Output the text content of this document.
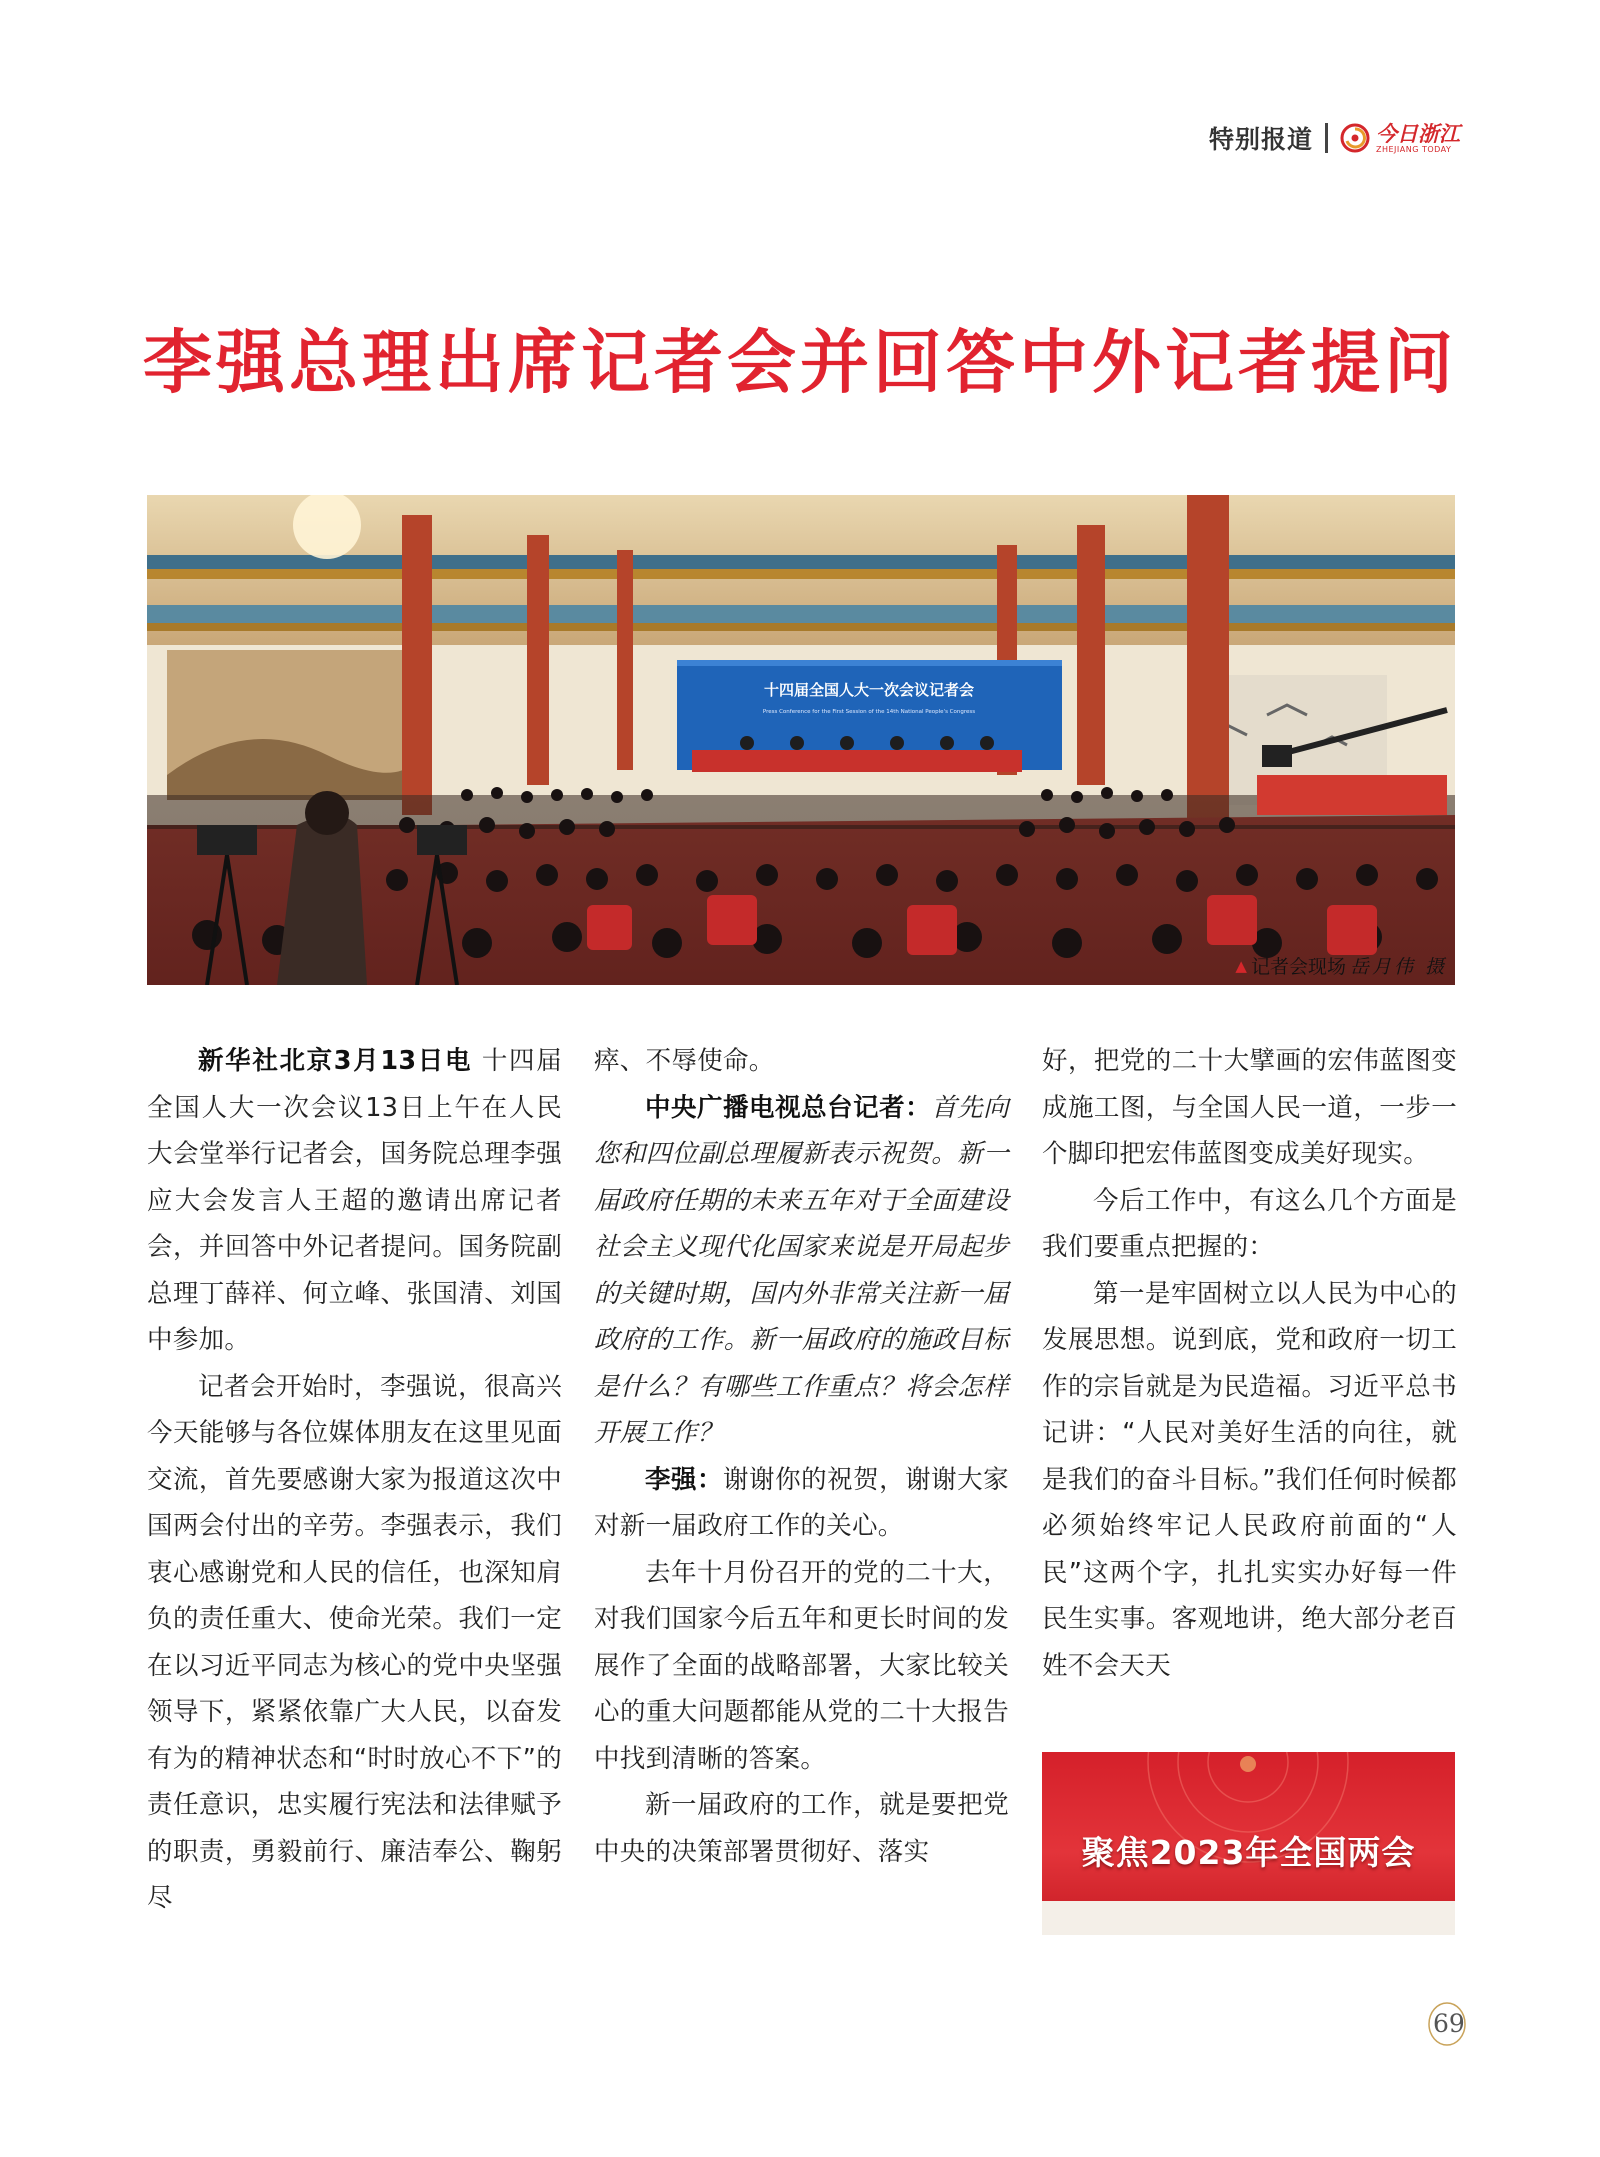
特别报道	今日浙江
ZHEJIANG TODAY
李强总理出席记者会并回答中外记者提问
十四届全国人大一次会议记者会
Press Conference for the First Session of the 14th National People's Congress
▲ 记者会现场 岳月伟 摄

新华社北京3月13日电 十四届全国人大一次会议13日上午在人民大会堂举行记者会，国务院总理李强应大会发言人王超的邀请出席记者会，并回答中外记者提问。国务院副总理丁薛祥、何立峰、张国清、刘国中参加。

记者会开始时，李强说，很高兴今天能够与各位媒体朋友在这里见面交流，首先要感谢大家为报道这次中国两会付出的辛劳。李强表示，我们衷心感谢党和人民的信任，也深知肩负的责任重大、使命光荣。我们一定在以习近平同志为核心的党中央坚强领导下，紧紧依靠广大人民，以奋发有为的精神状态和“时时放心不下”的责任意识，忠实履行宪法和法律赋予的职责，勇毅前行、廉洁奉公、鞠躬尽

瘁、不辱使命。

中央广播电视总台记者：首先向您和四位副总理履新表示祝贺。新一届政府任期的未来五年对于全面建设社会主义现代化国家来说是开局起步的关键时期，国内外非常关注新一届政府的工作。新一届政府的施政目标是什么？有哪些工作重点？将会怎样开展工作？

李强：谢谢你的祝贺，谢谢大家对新一届政府工作的关心。

去年十月份召开的党的二十大，对我们国家今后五年和更长时间的发展作了全面的战略部署，大家比较关心的重大问题都能从党的二十大报告中找到清晰的答案。

新一届政府的工作，就是要把党中央的决策部署贯彻好、落实

好，把党的二十大擘画的宏伟蓝图变成施工图，与全国人民一道，一步一个脚印把宏伟蓝图变成美好现实。

今后工作中，有这么几个方面是我们要重点把握的：

第一是牢固树立以人民为中心的发展思想。说到底，党和政府一切工作的宗旨就是为民造福。习近平总书记讲：“人民对美好生活的向往，就是我们的奋斗目标。”我们任何时候都必须始终牢记人民政府前面的“人民”这两个字，扎扎实实办好每一件民生实事。客观地讲，绝大部分老百姓不会天天

聚焦2023年全国两会
69
